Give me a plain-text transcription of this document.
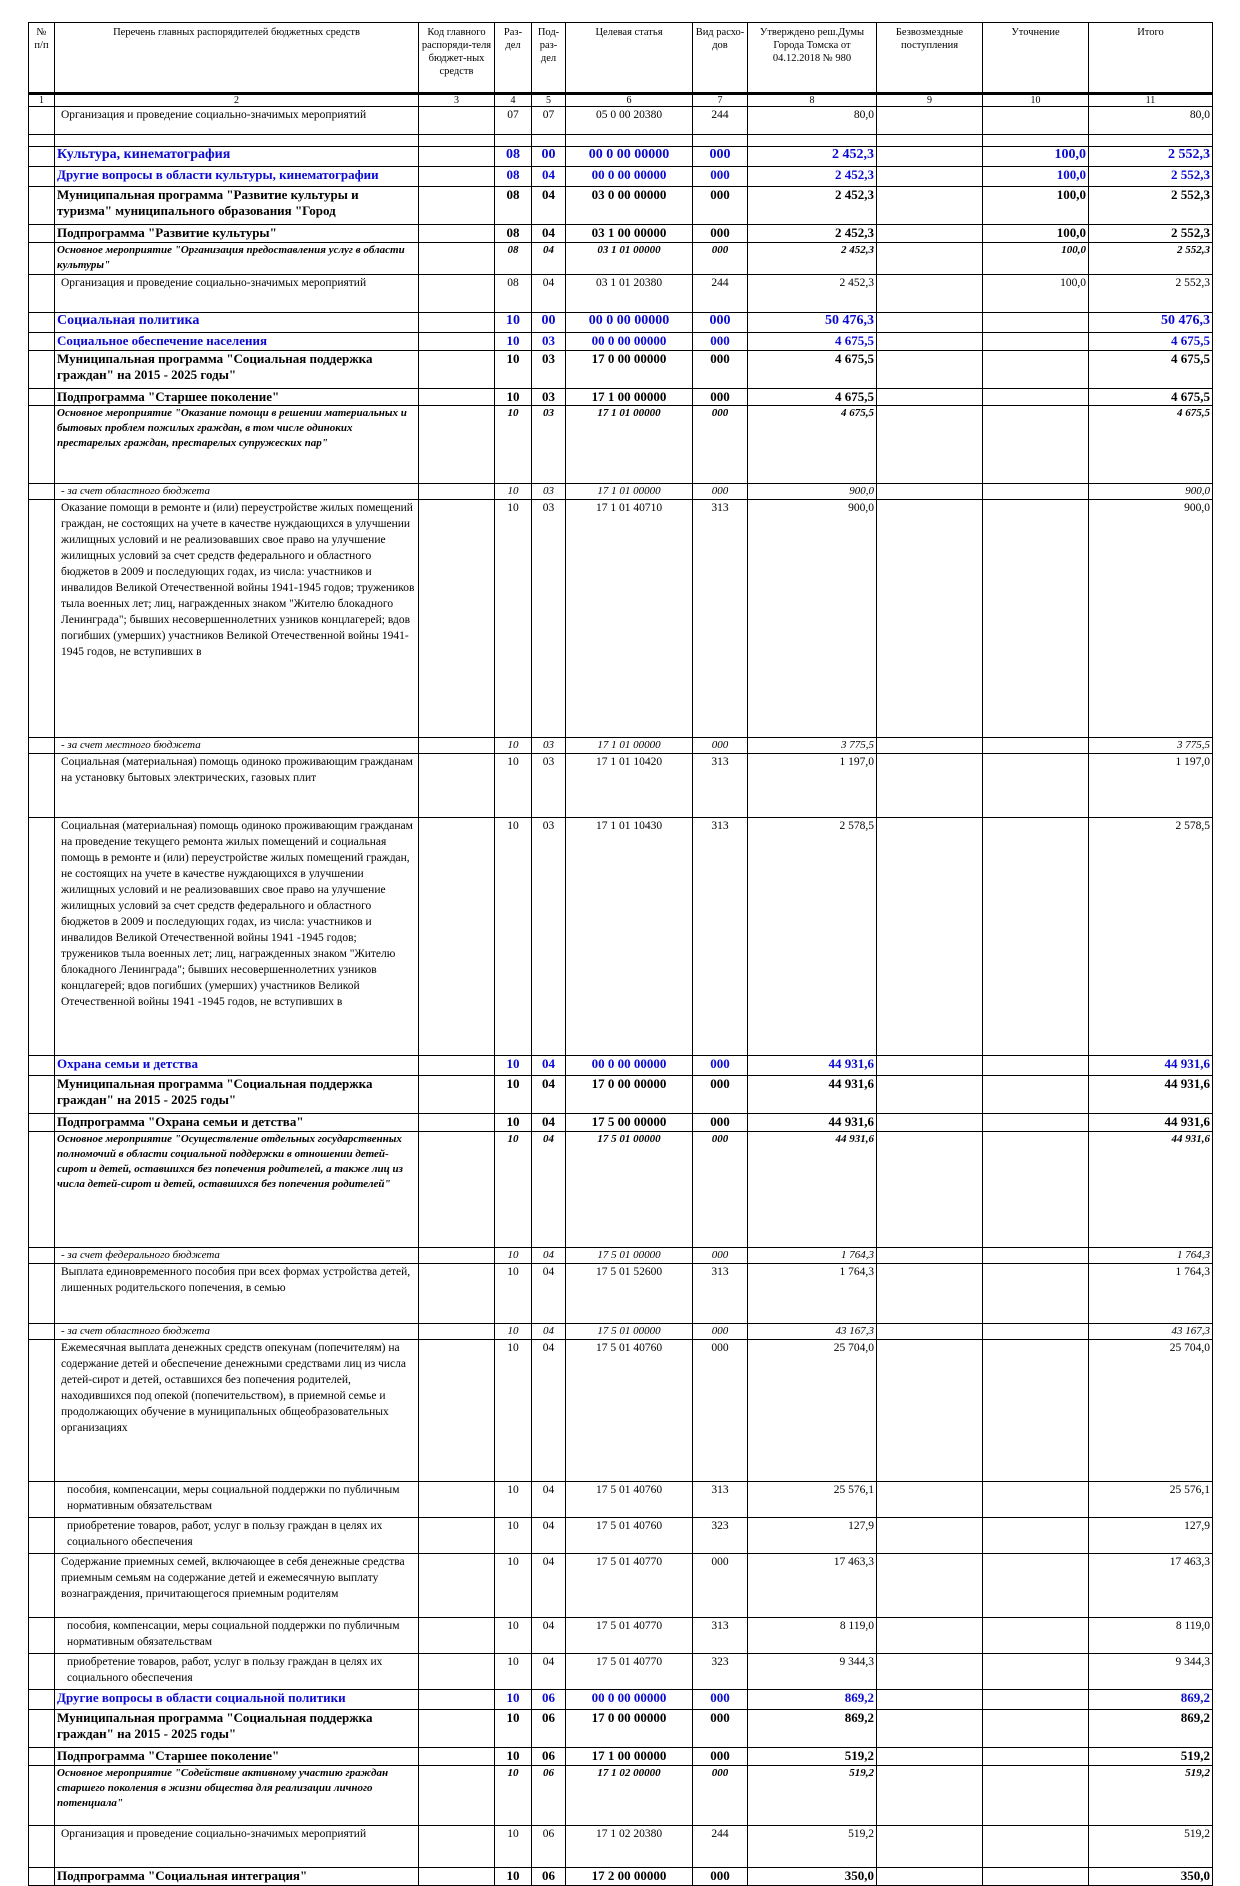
№ п/п	Перечень главных распорядителей бюджетных средств	Код главного распоряди-теля бюджет-ных средств	Раз-дел	Под-раз-дел	Целевая статья	Вид расхо-дов	Утверждено реш.Думы Города Томска от 04.12.2018 № 980	Безвозмездные поступления	Уточнение	Итого
1	2	3	4	5	6	7	8	9	10	11
	Организация и проведение социально-значимых мероприятий		07	07	05 0 00 20380	244	80,0			80,0

	Культура, кинематография		08	00	00 0 00 00000	000	2 452,3		100,0	2 552,3
	Другие вопросы в области культуры, кинематографии		08	04	00 0 00 00000	000	2 452,3		100,0	2 552,3
	Муниципальная программа "Развитие культуры и туризма" муниципального образования "Город		08	04	03 0 00 00000	000	2 452,3		100,0	2 552,3
	Подпрограмма "Развитие культуры"		08	04	03 1 00 00000	000	2 452,3		100,0	2 552,3
	Основное мероприятие "Организация предоставления услуг в области культуры"		08	04	03 1 01 00000	000	2 452,3		100,0	2 552,3
	Организация и проведение социально-значимых мероприятий		08	04	03 1 01 20380	244	2 452,3		100,0	2 552,3
	Социальная политика		10	00	00 0 00 00000	000	50 476,3			50 476,3
	Социальное обеспечение населения		10	03	00 0 00 00000	000	4 675,5			4 675,5
	Муниципальная программа "Социальная поддержка граждан" на 2015 - 2025 годы"		10	03	17 0 00 00000	000	4 675,5			4 675,5
	Подпрограмма "Старшее поколение"		10	03	17 1 00 00000	000	4 675,5			4 675,5
	Основное мероприятие "Оказание помощи в решении материальных и бытовых проблем пожилых граждан, в том числе одиноких престарелых граждан, престарелых супружеских пар"		10	03	17 1 01 00000	000	4 675,5			4 675,5
	- за счет областного бюджета		10	03	17 1 01 00000	000	900,0			900,0
	Оказание помощи в ремонте и (или) переустройстве жилых помещений граждан, не состоящих на учете в качестве нуждающихся в улучшении жилищных условий и не реализовавших свое право на улучшение жилищных условий за счет средств федерального и областного бюджетов в 2009 и последующих годах, из числа: участников и инвалидов Великой Отечественной войны 1941-1945 годов; тружеников тыла военных лет; лиц, награжденных знаком "Жителю блокадного Ленинграда"; бывших несовершеннолетних узников концлагерей; вдов погибших (умерших) участников Великой Отечественной войны 1941-1945 годов, не вступивших в		10	03	17 1 01 40710	313	900,0			900,0
	- за счет местного бюджета		10	03	17 1 01 00000	000	3 775,5			3 775,5
	Социальная (материальная) помощь одиноко проживающим гражданам на установку бытовых электрических, газовых плит		10	03	17 1 01 10420	313	1 197,0			1 197,0
	Социальная (материальная) помощь одиноко проживающим гражданам на проведение текущего ремонта жилых помещений и социальная помощь в ремонте и (или) переустройстве жилых помещений граждан, не состоящих на учете в качестве нуждающихся в улучшении жилищных условий и не реализовавших свое право на улучшение жилищных условий за счет средств федерального и областного бюджетов в 2009 и последующих годах, из числа: участников и инвалидов Великой Отечественной войны 1941 -1945 годов; тружеников тыла военных лет; лиц, награжденных знаком "Жителю блокадного Ленинграда"; бывших несовершеннолетних узников концлагерей; вдов погибших (умерших) участников Великой Отечественной войны 1941 -1945 годов, не вступивших в		10	03	17 1 01 10430	313	2 578,5			2 578,5
	Охрана семьи и детства		10	04	00 0 00 00000	000	44 931,6			44 931,6
	Муниципальная программа "Социальная поддержка граждан" на 2015 - 2025 годы"		10	04	17 0 00 00000	000	44 931,6			44 931,6
	Подпрограмма "Охрана семьи и детства"		10	04	17 5 00 00000	000	44 931,6			44 931,6
	Основное мероприятие "Осуществление отдельных государственных полномочий в области социальной поддержки в отношении детей-сирот и детей, оставшихся без попечения родителей, а также лиц из числа детей-сирот и детей, оставшихся без попечения родителей"		10	04	17 5 01 00000	000	44 931,6			44 931,6
	- за счет федерального бюджета		10	04	17 5 01 00000	000	1 764,3			1 764,3
	Выплата единовременного пособия при всех формах устройства детей, лишенных родительского попечения, в семью		10	04	17 5 01 52600	313	1 764,3			1 764,3
	- за счет областного бюджета		10	04	17 5 01 00000	000	43 167,3			43 167,3
	Ежемесячная выплата денежных средств опекунам (попечителям) на содержание детей и обеспечение денежными средствами лиц из числа детей-сирот и детей, оставшихся без попечения родителей, находившихся под опекой (попечительством), в приемной семье и продолжающих обучение в муниципальных общеобразовательных организациях		10	04	17 5 01 40760	000	25 704,0			25 704,0
	пособия, компенсации, меры социальной поддержки по публичным нормативным обязательствам		10	04	17 5 01 40760	313	25 576,1			25 576,1
	приобретение товаров, работ, услуг в пользу граждан в целях их социального обеспечения		10	04	17 5 01 40760	323	127,9			127,9
	Содержание приемных семей, включающее в себя денежные средства приемным семьям на содержание детей и ежемесячную выплату вознаграждения, причитающегося приемным родителям		10	04	17 5 01 40770	000	17 463,3			17 463,3
	пособия, компенсации, меры социальной поддержки по публичным нормативным обязательствам		10	04	17 5 01 40770	313	8 119,0			8 119,0
	приобретение товаров, работ, услуг в пользу граждан в целях их социального обеспечения		10	04	17 5 01 40770	323	9 344,3			9 344,3
	Другие вопросы в области социальной политики		10	06	00 0 00 00000	000	869,2			869,2
	Муниципальная программа "Социальная поддержка граждан" на 2015 - 2025 годы"		10	06	17 0 00 00000	000	869,2			869,2
	Подпрограмма "Старшее поколение"		10	06	17 1 00 00000	000	519,2			519,2
	Основное мероприятие "Содействие активному участию граждан старшего поколения в жизни общества для реализации личного потенциала"		10	06	17 1 02 00000	000	519,2			519,2
	Организация и проведение социально-значимых мероприятий		10	06	17 1 02 20380	244	519,2			519,2
	Подпрограмма "Социальная интеграция"		10	06	17 2 00 00000	000	350,0			350,0
